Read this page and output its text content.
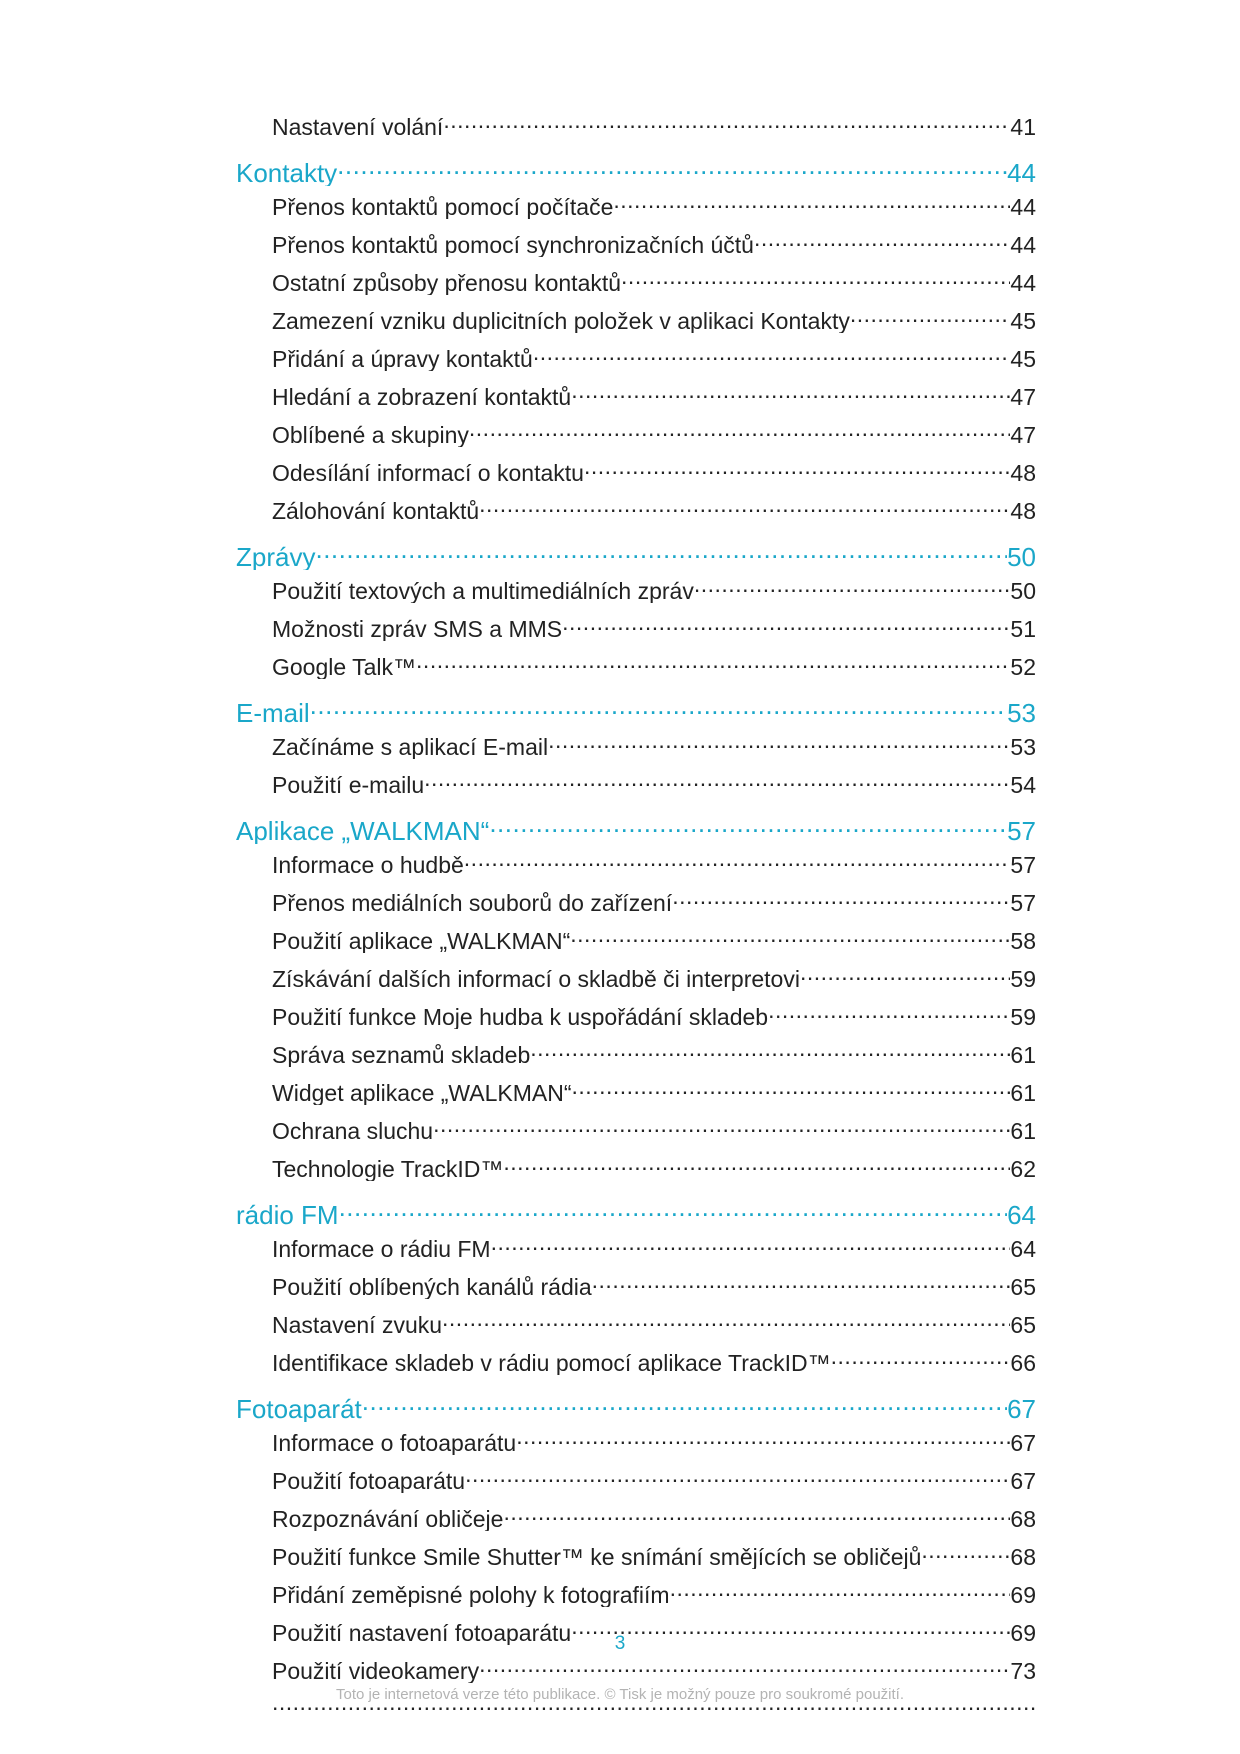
Nastavení volání .....	41
Kontakty .....	44
Přenos kontaktů pomocí počítače .....	44
Přenos kontaktů pomocí synchronizačních účtů .....	44
Ostatní způsoby přenosu kontaktů .....	44
Zamezení vzniku duplicitních položek v aplikaci Kontakty .....	45
Přidání a úpravy kontaktů .....	45
Hledání a zobrazení kontaktů .....	47
Oblíbené a skupiny .....	47
Odesílání informací o kontaktu .....	48
Zálohování kontaktů .....	48
Zprávy .....	50
Použití textových a multimediálních zpráv .....	50
Možnosti zpráv SMS a MMS .....	51
Google Talk™ .....	52
E-mail .....	53
Začínáme s aplikací E-mail .....	53
Použití e-mailu .....	54
Aplikace „WALKMAN“ .....	57
Informace o hudbě .....	57
Přenos mediálních souborů do zařízení .....	57
Použití aplikace „WALKMAN“ .....	58
Získávání dalších informací o skladbě či interpretovi .....	59
Použití funkce Moje hudba k uspořádání skladeb .....	59
Správa seznamů skladeb .....	61
Widget aplikace „WALKMAN“ .....	61
Ochrana sluchu .....	61
Technologie TrackID™ .....	62
rádio FM .....	64
Informace o rádiu FM .....	64
Použití oblíbených kanálů rádia .....	65
Nastavení zvuku .....	65
Identifikace skladeb v rádiu pomocí aplikace TrackID™ .....	66
Fotoaparát .....	67
Informace o fotoaparátu .....	67
Použití fotoaparátu .....	67
Rozpoznávání obličeje .....	68
Použití funkce Smile Shutter™ ke snímání smějících se obličejů .....	68
Přidání zeměpisné polohy k fotografiím .....	69
Použití nastavení fotoaparátu .....	69
Použití videokamery .....	73
.....
3
Toto je internetová verze této publikace. © Tisk je možný pouze pro soukromé použití.
